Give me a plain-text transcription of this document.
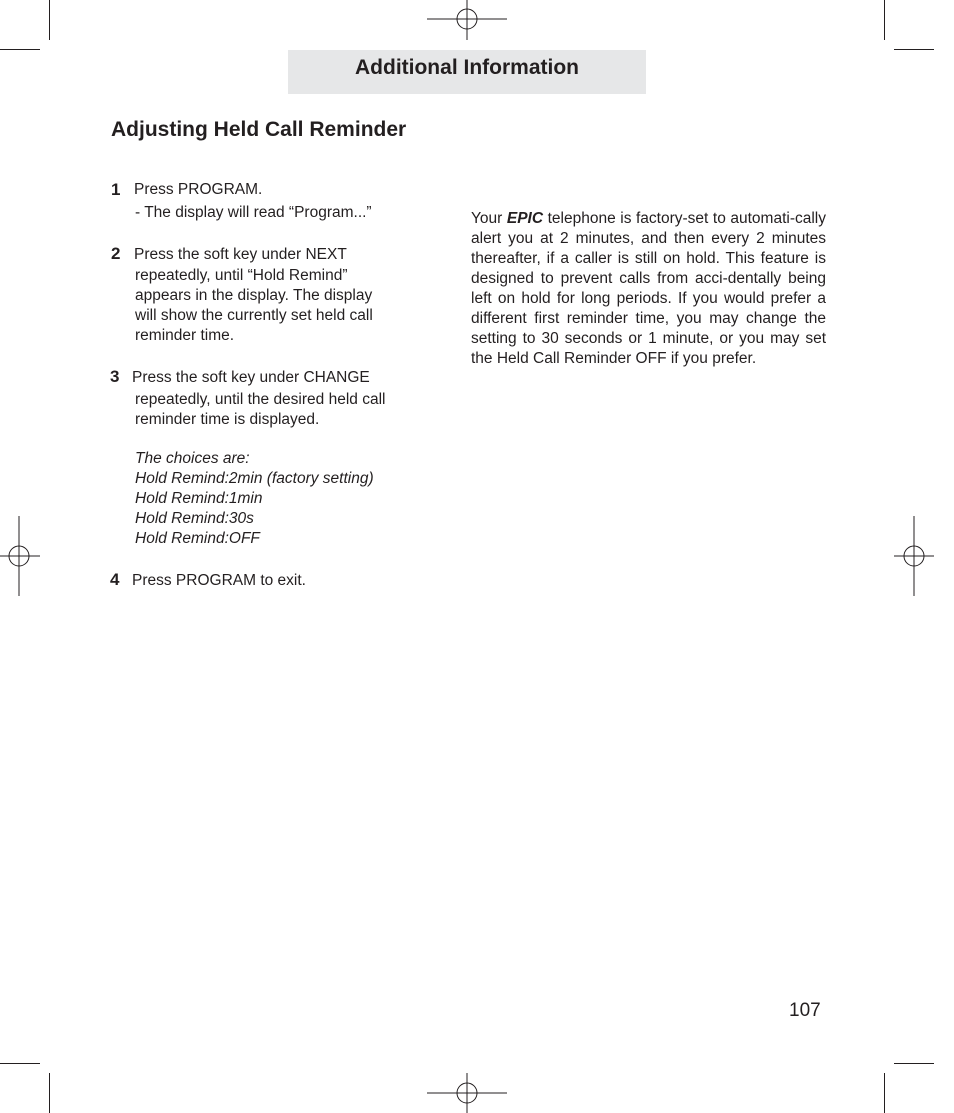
Additional Information
Adjusting Held Call Reminder
1 Press PROGRAM.
- The display will read “Program...”
2 Press the soft key under NEXT
repeatedly, until “Hold Remind”
appears in the display. The display
will show the currently set held call
reminder time.
3 Press the soft key under CHANGE
repeatedly, until the desired held call
reminder time is displayed.
The choices are:
Hold Remind:2min (factory setting)
Hold Remind:1min
Hold Remind:30s
Hold Remind:OFF
4 Press PROGRAM to exit.
Your EPIC telephone is factory-set to automati-cally alert you at 2 minutes, and then every 2 minutes thereafter, if a caller is still on hold. This feature is designed to prevent calls from acci-dentally being left on hold for long periods. If you would prefer a different first reminder time, you may change the setting to 30 seconds or 1 minute, or you may set the Held Call Reminder OFF if you prefer.
107
